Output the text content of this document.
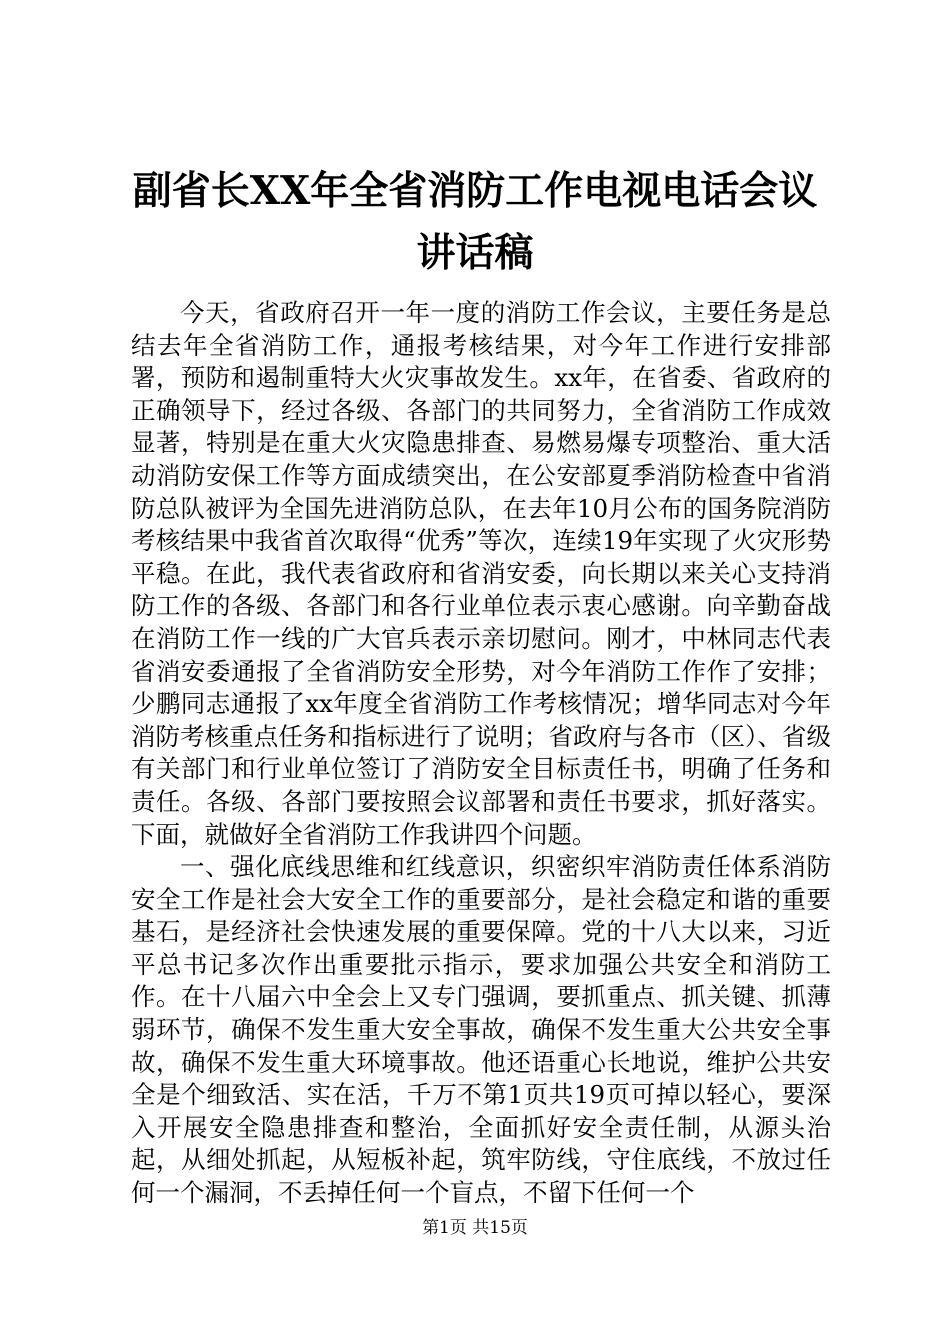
副省长XX年全省消防工作电视电话会议讲话稿

今天，省政府召开一年一度的消防工作会议，主要任务是总结去年全省消防工作，通报考核结果，对今年工作进行安排部署，预防和遏制重特大火灾事故发生。xx年，在省委、省政府的正确领导下，经过各级、各部门的共同努力，全省消防工作成效显著，特别是在重大火灾隐患排查、易燃易爆专项整治、重大活动消防安保工作等方面成绩突出，在公安部夏季消防检查中省消防总队被评为全国先进消防总队，在去年10月公布的国务院消防考核结果中我省首次取得“优秀”等次，连续19年实现了火灾形势平稳。在此，我代表省政府和省消安委，向长期以来关心支持消防工作的各级、各部门和各行业单位表示衷心感谢。向辛勤奋战在消防工作一线的广大官兵表示亲切慰问。刚才，中林同志代表省消安委通报了全省消防安全形势，对今年消防工作作了安排；少鹏同志通报了xx年度全省消防工作考核情况；增华同志对今年消防考核重点任务和指标进行了说明；省政府与各市（区）、省级有关部门和行业单位签订了消防安全目标责任书，明确了任务和责任。各级、各部门要按照会议部署和责任书要求，抓好落实。下面，就做好全省消防工作我讲四个问题。

一、强化底线思维和红线意识，织密织牢消防责任体系消防安全工作是社会大安全工作的重要部分，是社会稳定和谐的重要基石，是经济社会快速发展的重要保障。党的十八大以来，习近平总书记多次作出重要批示指示，要求加强公共安全和消防工作。在十八届六中全会上又专门强调，要抓重点、抓关键、抓薄弱环节，确保不发生重大安全事故，确保不发生重大公共安全事故，确保不发生重大环境事故。他还语重心长地说，维护公共安全是个细致活、实在活，千万不第1页共19页可掉以轻心，要深入开展安全隐患排查和整治，全面抓好安全责任制，从源头治起，从细处抓起，从短板补起，筑牢防线，守住底线，不放过任何一个漏洞，不丢掉任何一个盲点，不留下任何一个

第1页 共15页
